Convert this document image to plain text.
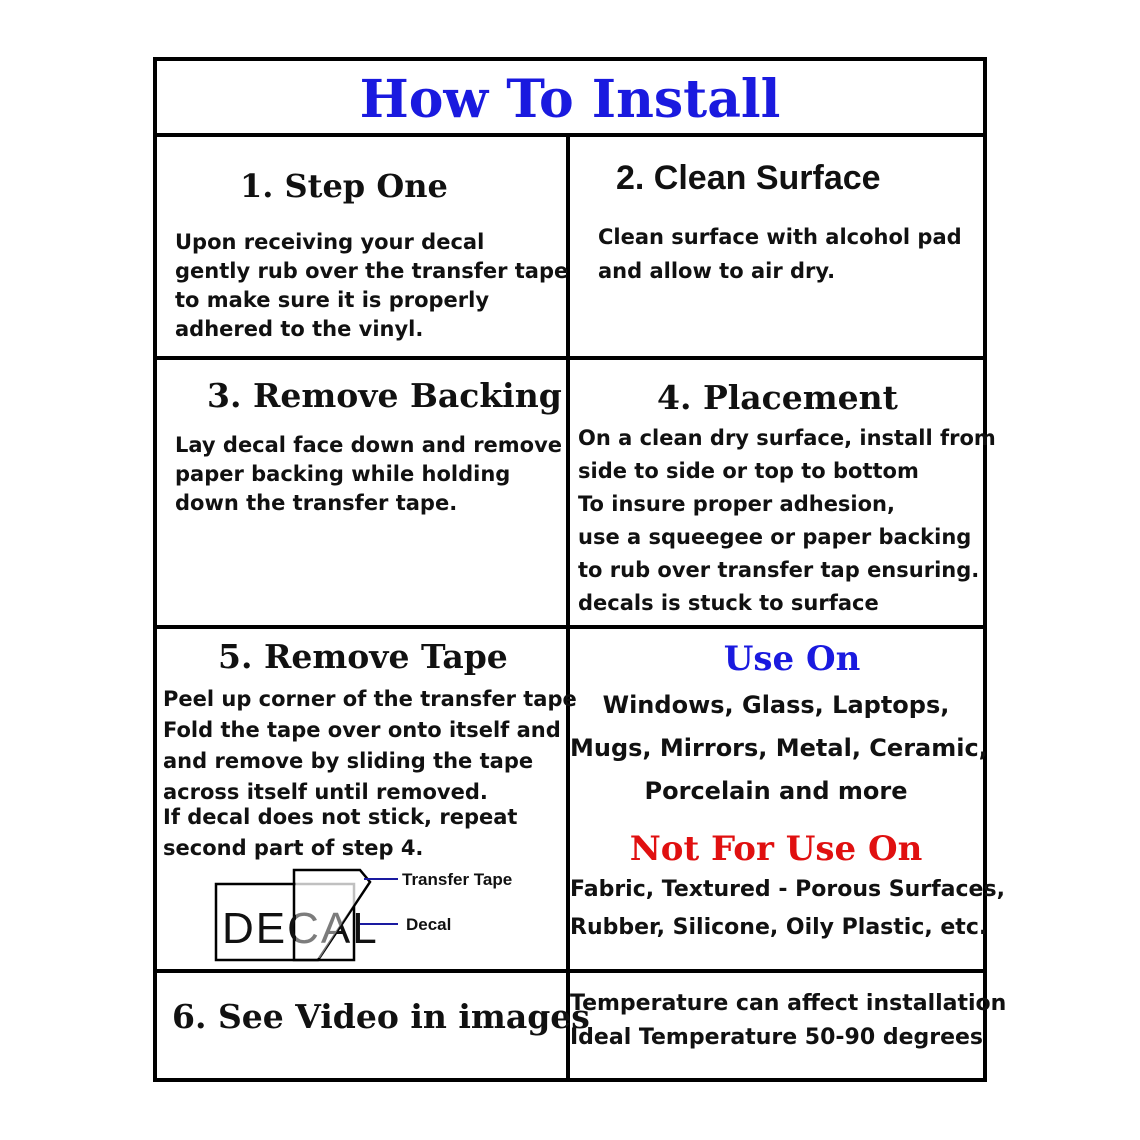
How To Install
1. Step One
Upon receiving your decal
gently rub over the transfer tape
to make sure it is properly
adhered to the vinyl.
2. Clean Surface
Clean surface with alcohol pad
and allow to air dry.
3. Remove Backing
Lay decal face down and remove
paper backing while holding
down the transfer tape.
4. Placement
On a clean dry surface, install from
side to side or top to bottom
To insure proper adhesion,
use a squeegee or paper backing
to rub over transfer tap ensuring.
decals is stuck to surface
5. Remove Tape
Peel up corner of the transfer tape
Fold the tape over onto itself and
and remove by sliding the tape
across itself until removed.
If decal does not stick, repeat
second part of step 4.
DECAL
Transfer Tape
Decal
Use On
Windows, Glass, Laptops,
Mugs, Mirrors, Metal, Ceramic,
Porcelain and more
Not For Use On
Fabric, Textured - Porous Surfaces,
Rubber, Silicone, Oily Plastic, etc.
6. See Video in images
Temperature can affect installation
Ideal Temperature 50-90 degrees
